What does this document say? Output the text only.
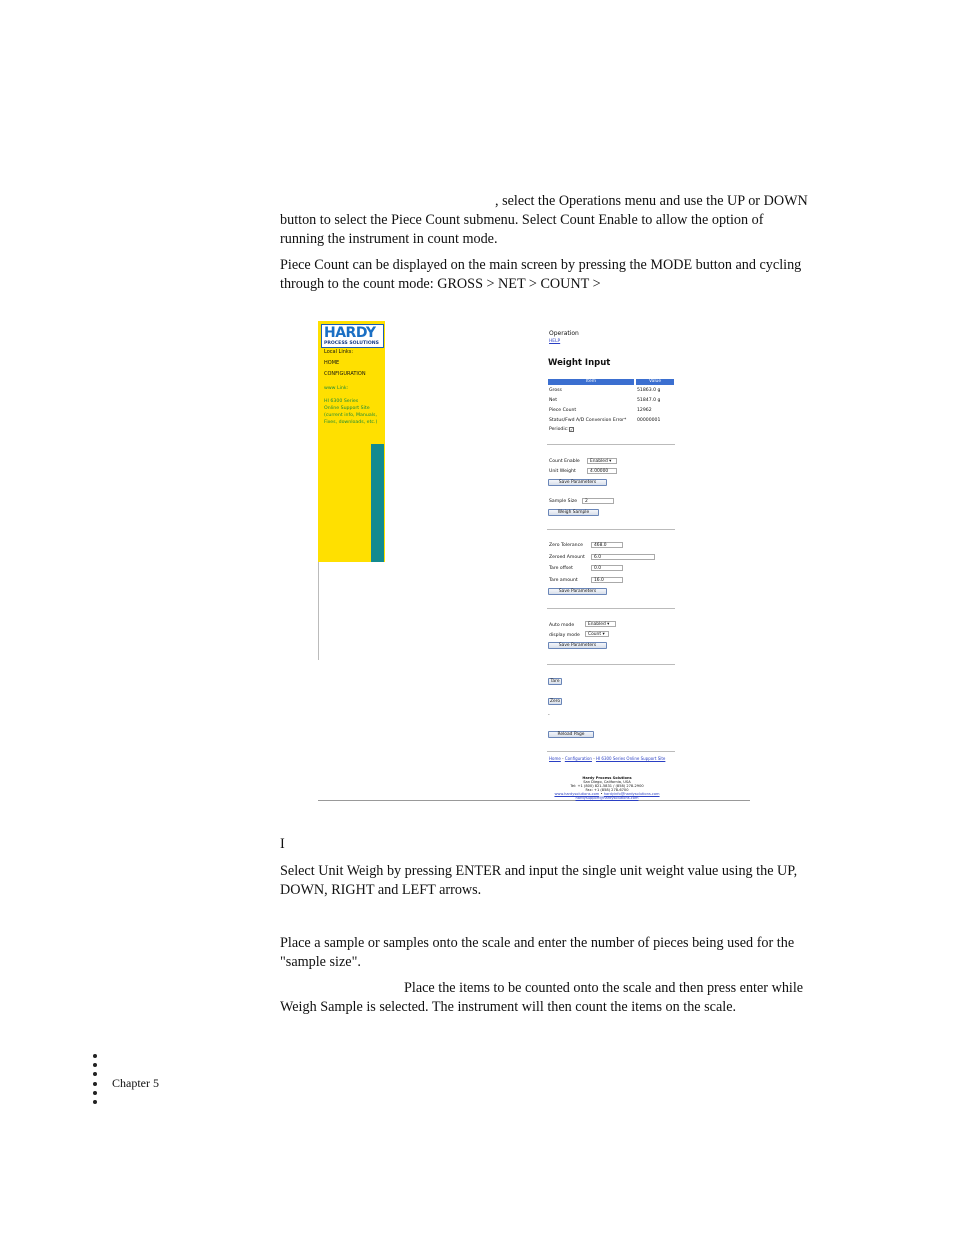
, select the Operations menu and use the UP or DOWN
button to select the Piece Count submenu. Select Count Enable to allow the option of
running the instrument in count mode.
Piece Count can be displayed on the main screen by pressing the MODE button and cycling
through to the count mode: GROSS > NET > COUNT >
HARDY
PROCESS SOLUTIONS
Local Links:
HOME
CONFIGURATION
www Link:
HI 6300 Series
Online Support Site
(current info, Manuals,
Fixes, downloads, etc.)
Operation
HELP
Weight Input
Item	Value
Gross	51863.0 g
Net	51847.0 g
Piece Count	12962
Status/Fwd A/D Conversion Error* 00000001
Periodic: ✓
Count Enable	Enabled ▾
Unit Weight	4.00000
Save Parameters
Sample Size	2
Weigh Sample
Zero Tolerance	468.0
Zeroed Amount	6.0
Tare offset	0.0
Tare amount	16.0
Save Parameters
Auto mode	Enabled ▾
display mode	Count ▾
Save Parameters
Tare
Zero
-
Reload Page
Home - Configuration - HI 6300 Series Online Support Site
Hardy Process Solutions
San Diego, California, USA
Tel: +1 (800) 821-5831 / (858) 278-2900
Fax: +1 (858) 278-6700
www.hardysolutions.com • hardyinfo@hardysolutions.com
hardysupport@hardysolutions.com
I
Select Unit Weigh by pressing ENTER and input the single unit weight value using the UP,
DOWN, RIGHT and LEFT arrows.
Place a sample or samples onto the scale and enter the number of pieces being used for the
"sample size".
Place the items to be counted onto the scale and then press enter while
Weigh Sample is selected. The instrument will then count the items on the scale.
Chapter 5
